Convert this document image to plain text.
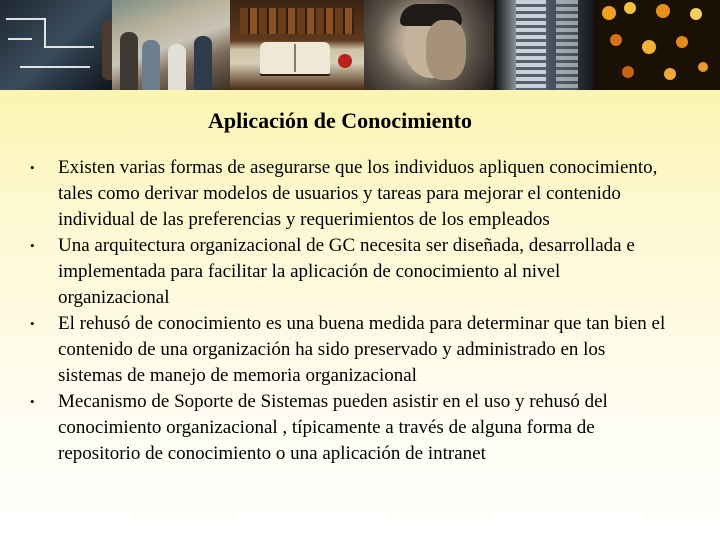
Aplicación de Conocimiento
• Existen varias formas de asegurarse que los individuos apliquen conocimiento, tales como derivar modelos de usuarios y tareas para mejorar el contenido individual de las preferencias y requerimientos de los empleados
• Una arquitectura organizacional de GC necesita ser diseñada, desarrollada e implementada para facilitar la aplicación de conocimiento al nivel organizacional
• El rehusó de conocimiento es una buena medida para determinar que tan bien el contenido de una organización ha sido preservado y administrado en los sistemas de manejo de memoria organizacional
• Mecanismo de Soporte de Sistemas pueden asistir en el uso y rehusó del conocimiento organizacional , típicamente a través de alguna forma de repositorio de conocimiento o una aplicación de intranet
